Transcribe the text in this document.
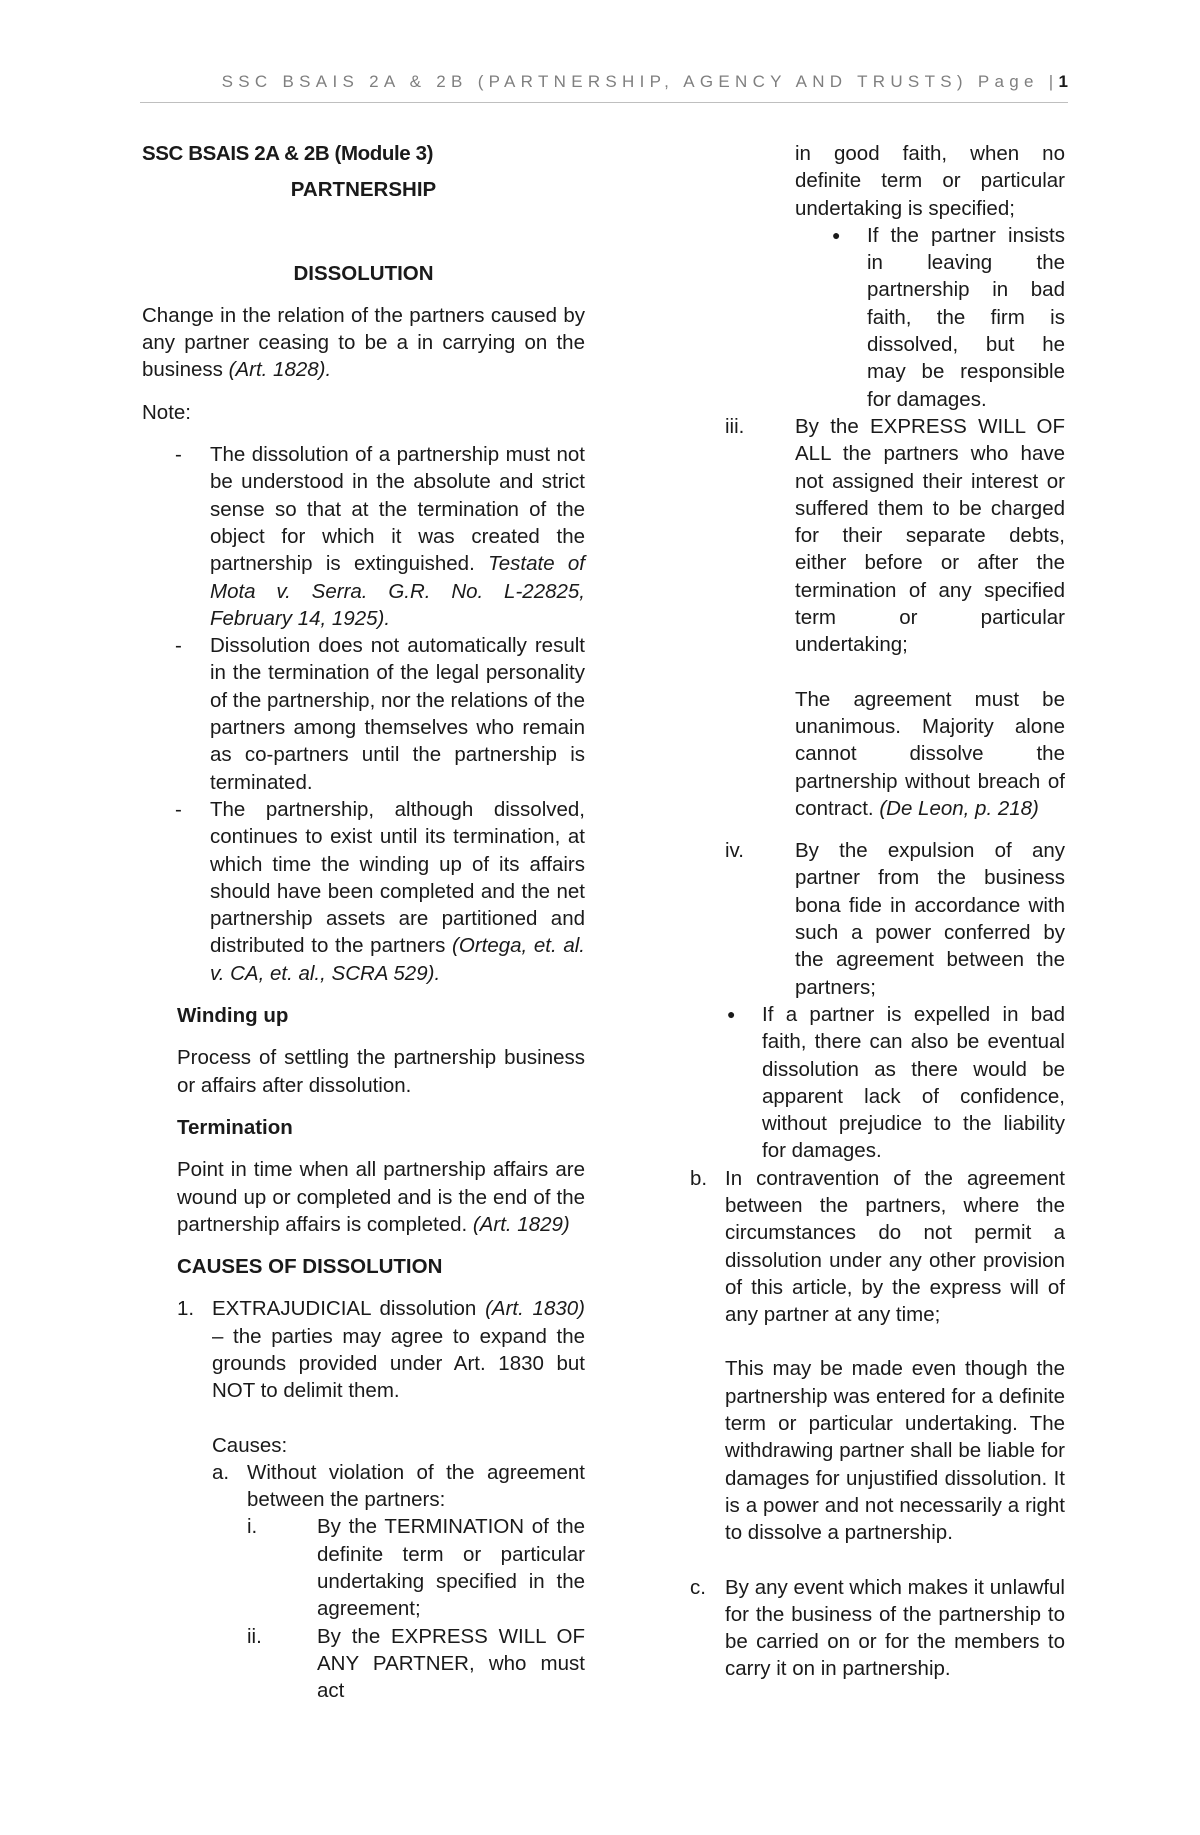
SSC BSAIS 2A & 2B (PARTNERSHIP, AGENCY AND TRUSTS) Page |1

SSC BSAIS 2A & 2B (Module 3)

PARTNERSHIP

DISSOLUTION

Change in the relation of the partners caused by any partner ceasing to be a in carrying on the business (Art. 1828).

Note:

-	The dissolution of a partnership must not be understood in the absolute and strict sense so that at the termination of the object for which it was created the partnership is extinguished. Testate of Mota v. Serra. G.R. No. L-22825, February 14, 1925).

-	Dissolution does not automatically result in the termination of the legal personality of the partnership, nor the relations of the partners among themselves who remain as co-partners until the partnership is terminated.

-	The partnership, although dissolved, continues to exist until its termination, at which time the winding up of its affairs should have been completed and the net partnership assets are partitioned and distributed to the partners (Ortega, et. al. v. CA, et. al., SCRA 529).

Winding up

Process of settling the partnership business or affairs after dissolution.

Termination

Point in time when all partnership affairs are wound up or completed and is the end of the partnership affairs is completed. (Art. 1829)

CAUSES OF DISSOLUTION

1. EXTRAJUDICIAL dissolution (Art. 1830) – the parties may agree to expand the grounds provided under Art. 1830 but NOT to delimit them.

Causes:

a. Without violation of the agreement between the partners:

i.	By the TERMINATION of the definite term or particular undertaking specified in the agreement;

ii.	By the EXPRESS WILL OF ANY PARTNER, who must act

in good faith, when no definite term or particular undertaking is specified;

●	If the partner insists in leaving the partnership in bad faith, the firm is dissolved, but he may be responsible for damages.

iii.	By the EXPRESS WILL OF ALL the partners who have not assigned their interest or suffered them to be charged for their separate debts, either before or after the termination of any specified term or particular undertaking;

The agreement must be unanimous. Majority alone cannot dissolve the partnership without breach of contract. (De Leon, p. 218)

iv.	By the expulsion of any partner from the business bona fide in accordance with such a power conferred by the agreement between the partners;

●	If a partner is expelled in bad faith, there can also be eventual dissolution as there would be apparent lack of confidence, without prejudice to the liability for damages.

b. In contravention of the agreement between the partners, where the circumstances do not permit a dissolution under any other provision of this article, by the express will of any partner at any time;

This may be made even though the partnership was entered for a definite term or particular undertaking. The withdrawing partner shall be liable for damages for unjustified dissolution. It is a power and not necessarily a right to dissolve a partnership.

c. By any event which makes it unlawful for the business of the partnership to be carried on or for the members to carry it on in partnership.
